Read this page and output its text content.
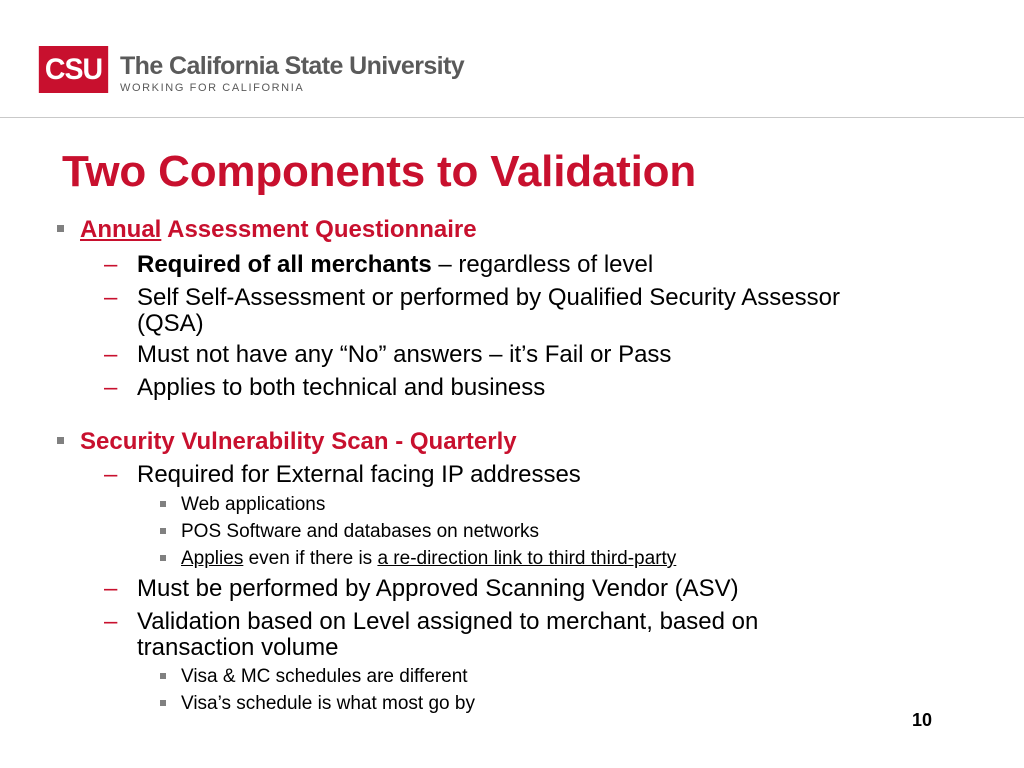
CSU The California State University
WORKING FOR CALIFORNIA
Two Components to Validation
Annual Assessment Questionnaire
– Required of all merchants – regardless of level
– Self Self-Assessment or performed by Qualified Security Assessor
(QSA)
– Must not have any “No” answers – it’s Fail or Pass
– Applies to both technical and business
Security Vulnerability Scan - Quarterly
– Required for External facing IP addresses
Web applications
POS Software and databases on networks
Applies even if there is a re-direction link to third third-party
– Must be performed by Approved Scanning Vendor (ASV)
– Validation based on Level assigned to merchant, based on
transaction volume
Visa & MC schedules are different
Visa’s schedule is what most go by
10
